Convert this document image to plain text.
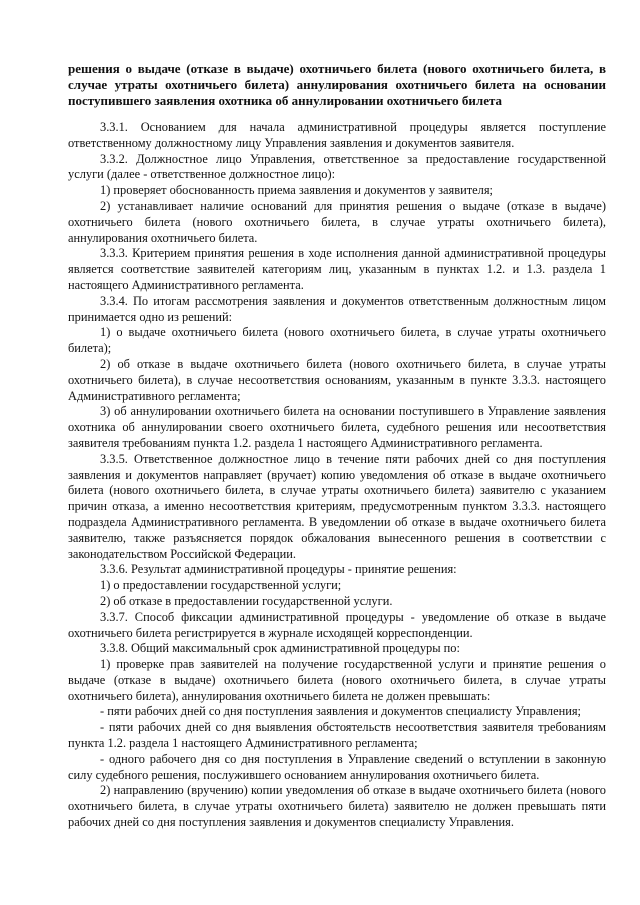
решения о выдаче (отказе в выдаче) охотничьего билета (нового охотничьего билета, в случае утраты охотничьего билета) аннулирования охотничьего билета на основании поступившего заявления охотника об аннулировании охотничьего билета

3.3.1. Основанием для начала административной процедуры является поступление ответственному должностному лицу Управления заявления и документов заявителя.

3.3.2. Должностное лицо Управления, ответственное за предоставление государственной услуги (далее - ответственное должностное лицо):

1) проверяет обоснованность приема заявления и документов у заявителя;

2) устанавливает наличие оснований для принятия решения о выдаче (отказе в выдаче) охотничьего билета (нового охотничьего билета, в случае утраты охотничьего билета), аннулирования охотничьего билета.

3.3.3. Критерием принятия решения в ходе исполнения данной административной процедуры является соответствие заявителей категориям лиц, указанным в пунктах 1.2. и 1.3. раздела 1 настоящего Административного регламента.

3.3.4. По итогам рассмотрения заявления и документов ответственным должностным лицом принимается одно из решений:

1) о выдаче охотничьего билета (нового охотничьего билета, в случае утраты охотничьего билета);

2) об отказе в выдаче охотничьего билета (нового охотничьего билета, в случае утраты охотничьего билета), в случае несоответствия основаниям, указанным в пункте 3.3.3. настоящего Административного регламента;

3) об аннулировании охотничьего билета на основании поступившего в Управление заявления охотника об аннулировании своего охотничьего билета, судебного решения или несоответствия заявителя требованиям пункта 1.2. раздела 1 настоящего Административного регламента.

3.3.5. Ответственное должностное лицо в течение пяти рабочих дней со дня поступления заявления и документов направляет (вручает) копию уведомления об отказе в выдаче охотничьего билета (нового охотничьего билета, в случае утраты охотничьего билета) заявителю с указанием причин отказа, а именно несоответствия критериям, предусмотренным пунктом 3.3.3. настоящего подраздела Административного регламента. В уведомлении об отказе в выдаче охотничьего билета заявителю, также разъясняется порядок обжалования вынесенного решения в соответствии с законодательством Российской Федерации.

3.3.6. Результат административной процедуры - принятие решения:

1) о предоставлении государственной услуги;

2) об отказе в предоставлении государственной услуги.

3.3.7. Способ фиксации административной процедуры - уведомление об отказе в выдаче охотничьего билета регистрируется в журнале исходящей корреспонденции.

3.3.8. Общий максимальный срок административной процедуры по:

1) проверке прав заявителей на получение государственной услуги и принятие решения о выдаче (отказе в выдаче) охотничьего билета (нового охотничьего билета, в случае утраты охотничьего билета), аннулирования охотничьего билета не должен превышать:

- пяти рабочих дней со дня поступления заявления и документов специалисту Управления;

- пяти рабочих дней со дня выявления обстоятельств несоответствия заявителя требованиям пункта 1.2. раздела 1 настоящего Административного регламента;

- одного рабочего дня со дня поступления в Управление сведений о вступлении в законную силу судебного решения, послужившего основанием аннулирования охотничьего билета.

2) направлению (вручению) копии уведомления об отказе в выдаче охотничьего билета (нового охотничьего билета, в случае утраты охотничьего билета) заявителю не должен превышать пяти рабочих дней со дня поступления заявления и документов специалисту Управления.
